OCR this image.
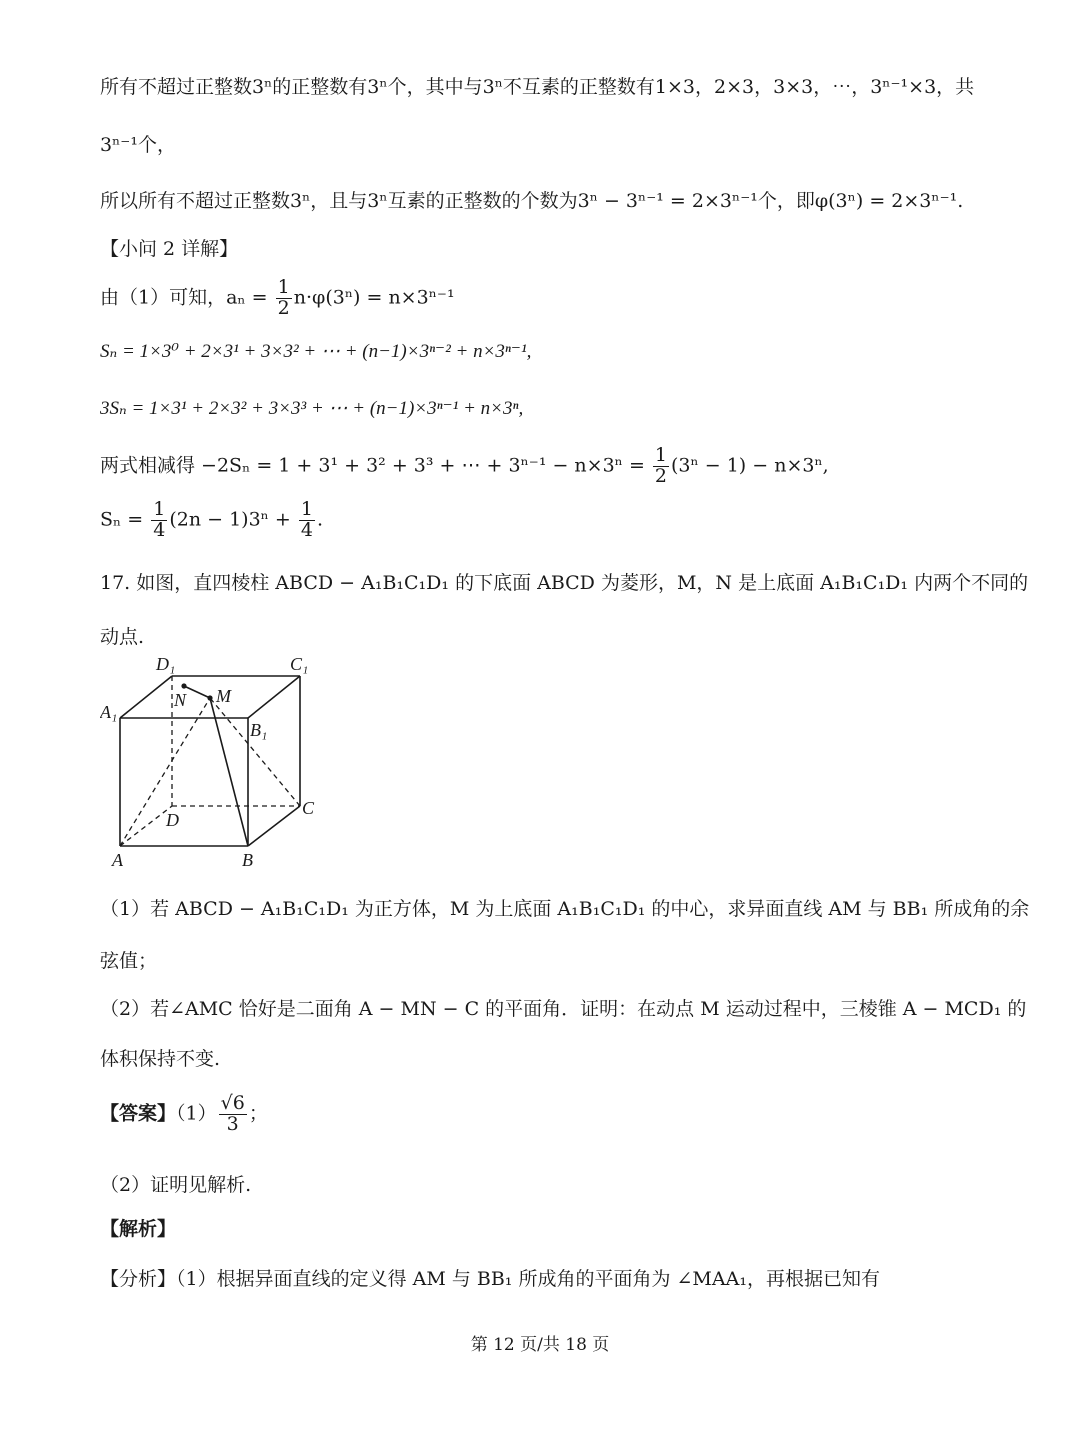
所有不超过正整数3ⁿ的正整数有3ⁿ个，其中与3ⁿ不互素的正整数有1×3，2×3，3×3，⋯，3ⁿ⁻¹×3，共
3ⁿ⁻¹个，
所以所有不超过正整数3ⁿ，且与3ⁿ互素的正整数的个数为3ⁿ − 3ⁿ⁻¹ = 2×3ⁿ⁻¹个，即φ(3ⁿ) = 2×3ⁿ⁻¹.
【小问 2 详解】
由（1）可知，$a_n = \frac{1}{2} n\cdot\varphi(3^n) = n\times 3^{n-1}$
Sₙ = 1×3⁰ + 2×3¹ + 3×3² + ⋯ + (n−1)×3ⁿ⁻² + n×3ⁿ⁻¹,
3Sₙ = 1×3¹ + 2×3² + 3×3³ + ⋯ + (n−1)×3ⁿ⁻¹ + n×3ⁿ,
两式相减得 −2Sₙ = 1 + 3¹ + 3² + 3³ + ⋯ + $3^{n-1} - n\times 3^n = \frac{1}{2} (3^n - 1) - n\times 3^n$,
$S_n = \frac{1}{4} (2n - 1)3^n + \frac{1}{4}$ .
17. 如图，直四棱柱 ABCD − A₁B₁C₁D₁ 的下底面 ABCD 为菱形，M，N 是上底面 A₁B₁C₁D₁ 内两个不同的
动点.
D₁	C₁
A₁
B₁
N M
D
C
A	B
（1）若 ABCD − A₁B₁C₁D₁ 为正方体，M 为上底面 A₁B₁C₁D₁ 的中心，求异面直线 AM 与 BB₁ 所成角的余
弦值；
（2）若∠AMC 恰好是二面角 A − MN − C 的平面角．证明：在动点 M 运动过程中，三棱锥 A − MCD₁ 的
体积保持不变.
【答案】$(1) \frac{√6}{3}$ ；
（2）证明见解析.
【解析】
【分析】（1）根据异面直线的定义得 AM 与 BB₁ 所成角的平面角为 ∠MAA₁，再根据已知有
第 12 页/共 18 页
